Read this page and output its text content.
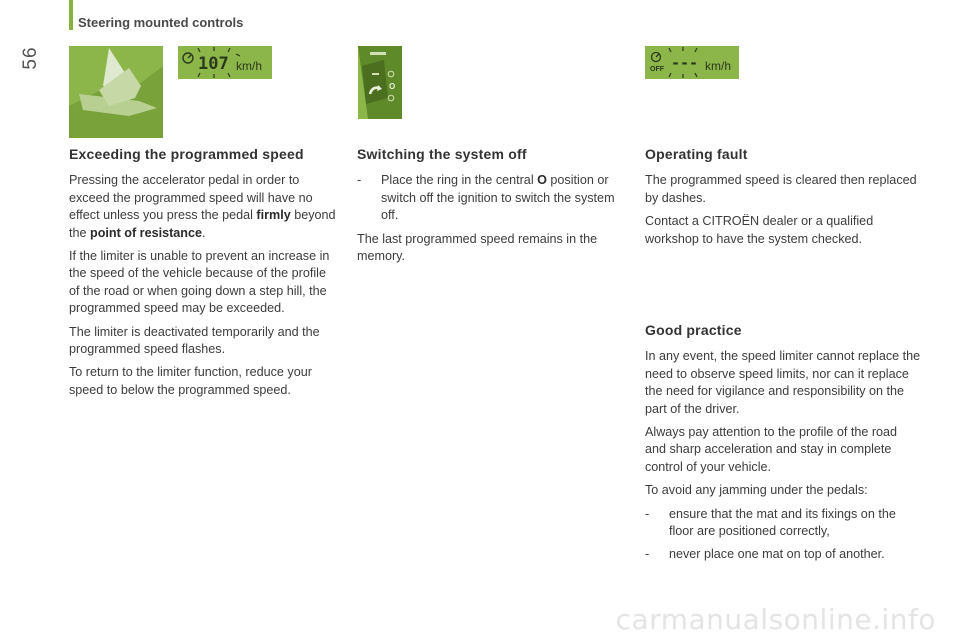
56
Steering mounted controls
107 km/h
O
OFF --- km/h
Exceeding the programmed speed

Pressing the accelerator pedal in order to exceed the programmed speed will have no effect unless you press the pedal firmly beyond the point of resistance.

If the limiter is unable to prevent an increase in the speed of the vehicle because of the profile of the road or when going down a step hill, the programmed speed may be exceeded.

The limiter is deactivated temporarily and the programmed speed flashes.

To return to the limiter function, reduce your speed to below the programmed speed.

Switching the system off
- Place the ring in the central O position or switch off the ignition to switch the system off.

The last programmed speed remains in the memory.

Operating fault

The programmed speed is cleared then replaced by dashes.

Contact a CITROËN dealer or a qualified workshop to have the system checked.

Good practice

In any event, the speed limiter cannot replace the need to observe speed limits, nor can it replace the need for vigilance and responsibility on the part of the driver.

Always pay attention to the profile of the road and sharp acceleration and stay in complete control of your vehicle.

To avoid any jamming under the pedals:

- ensure that the mat and its fixings on the floor are positioned correctly,
- never place one mat on top of another.
carmanualsonline.info
